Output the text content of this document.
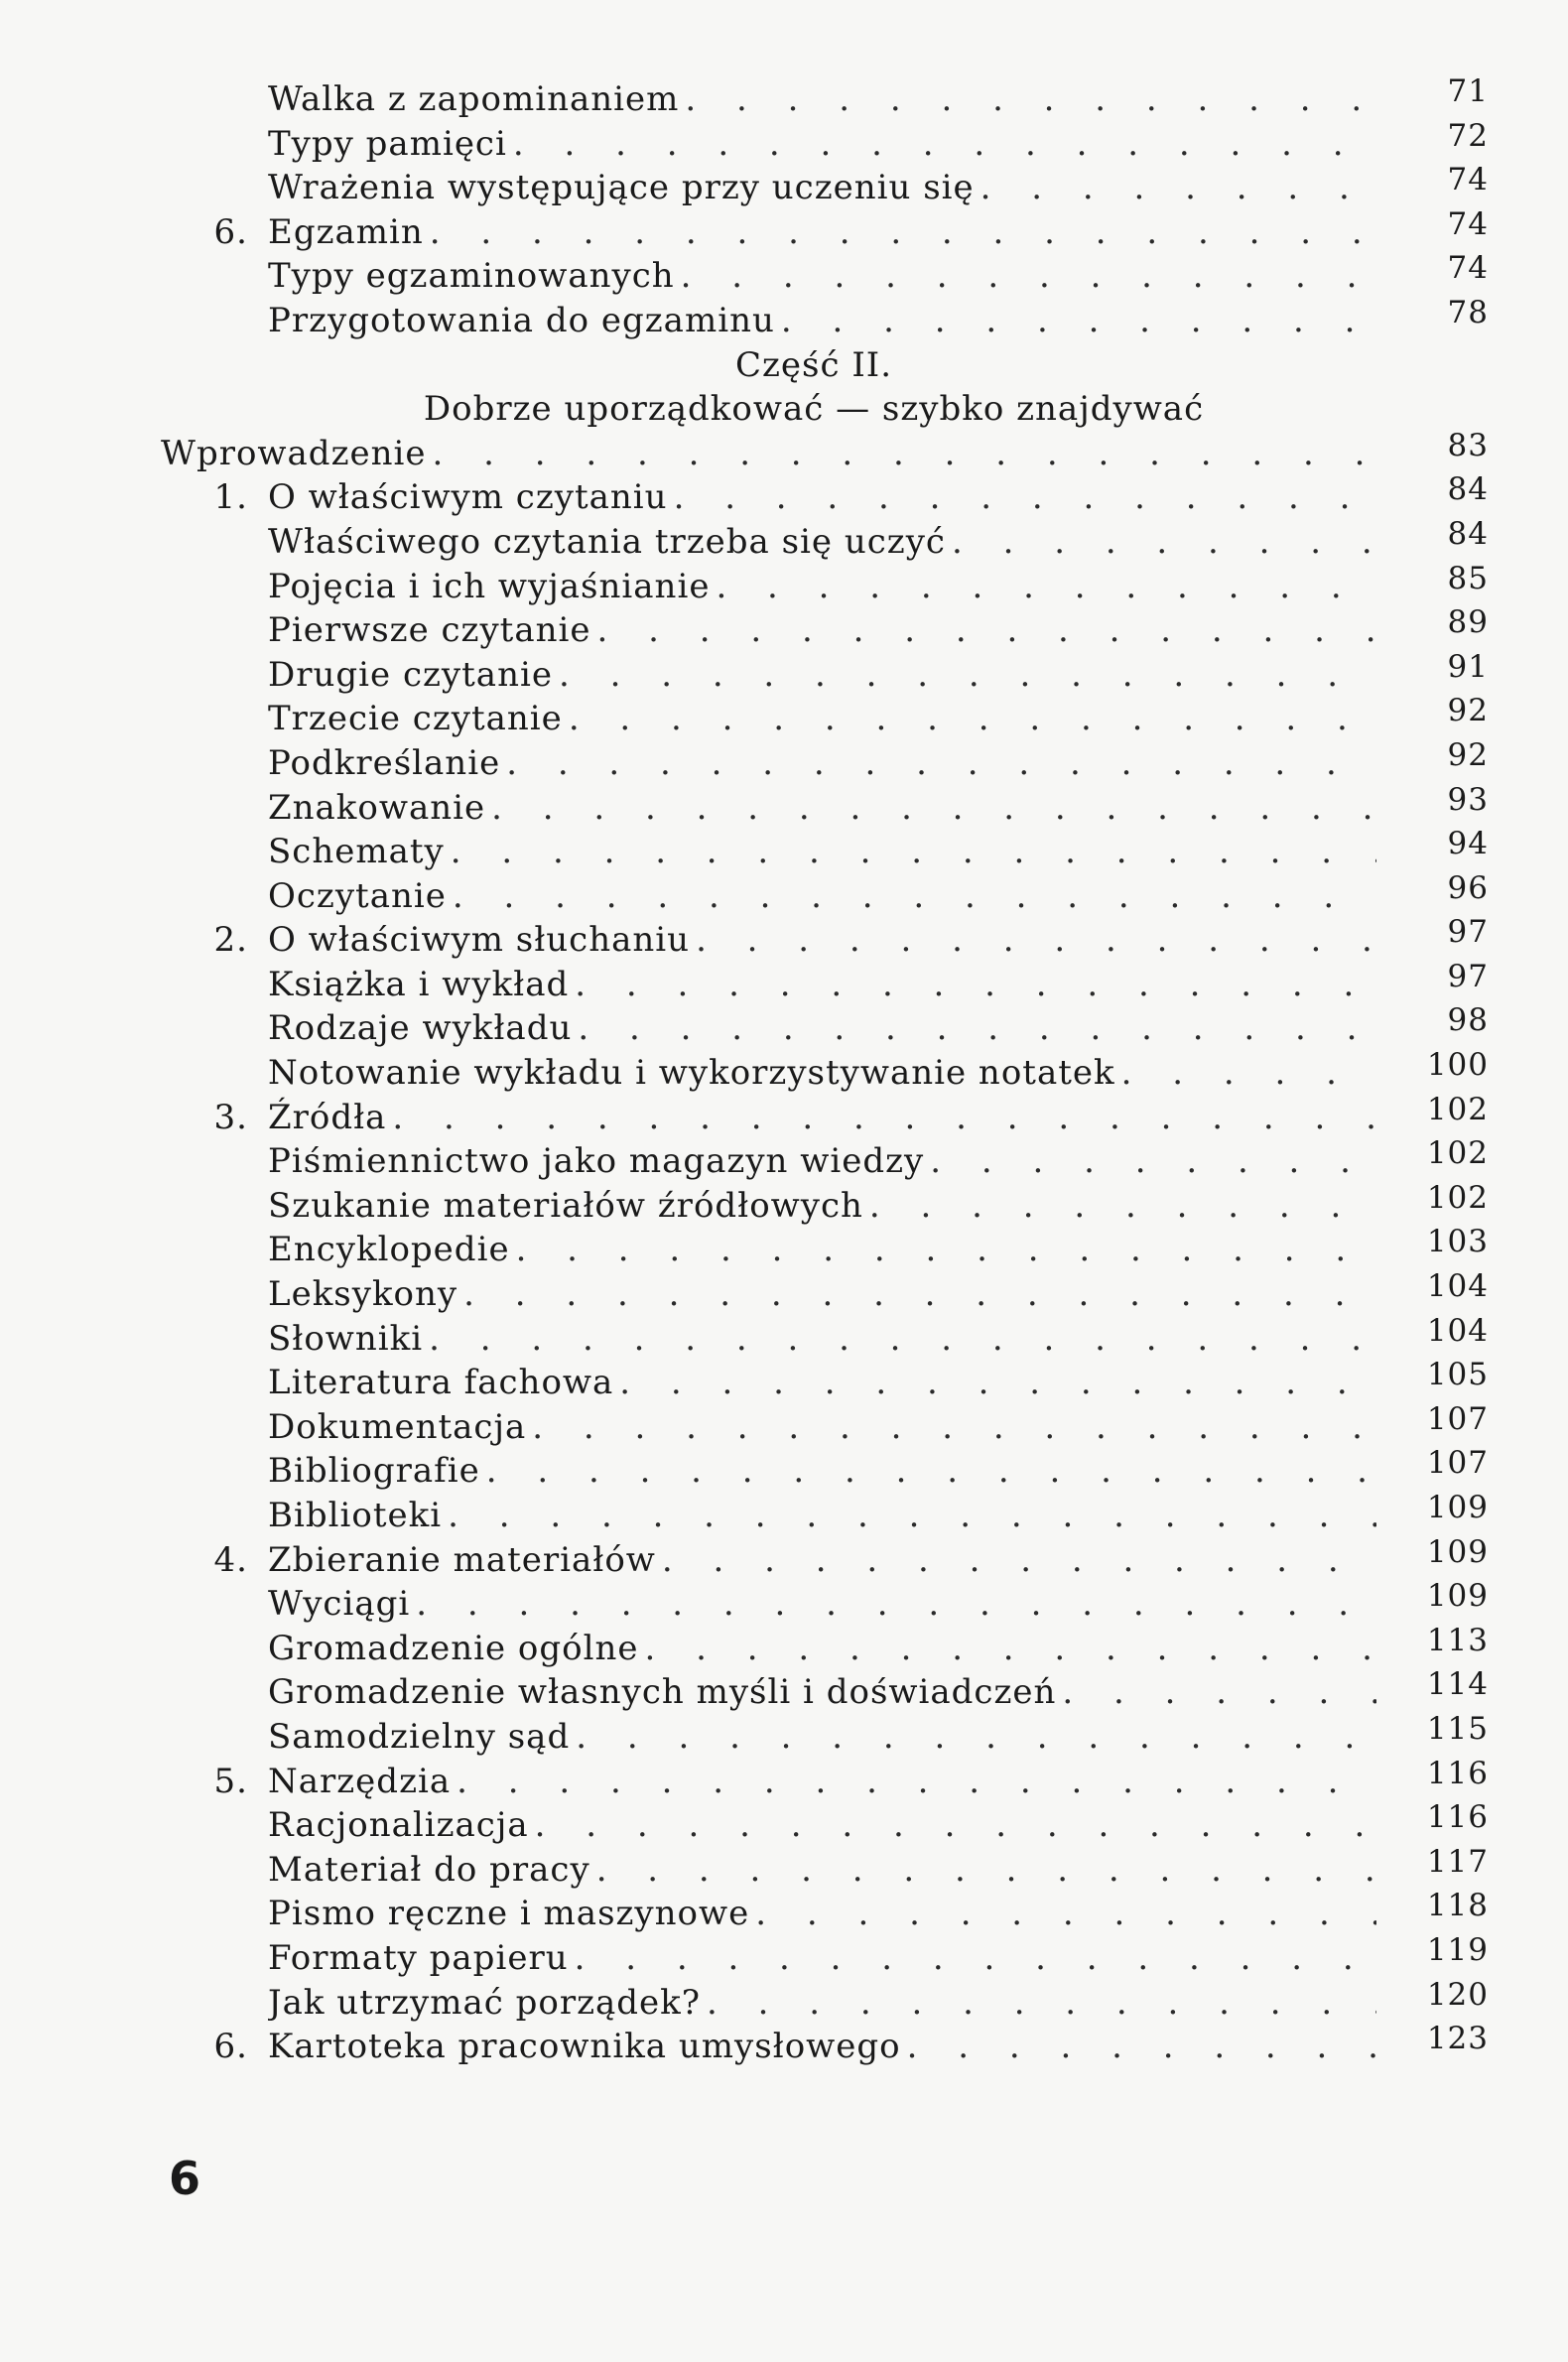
Walka z zapominaniem . . .	71
Typy pamięci . . .	72
Wrażenia występujące przy uczeniu się . . .	74
6. Egzamin . . .	74
Typy egzaminowanych . . .	74
Przygotowania do egzaminu . . .	78
Część II.
Dobrze uporządkować — szybko znajdywać
Wprowadzenie . . .	83
1. O właściwym czytaniu . . .	84
Właściwego czytania trzeba się uczyć . . .	84
Pojęcia i ich wyjaśnianie . . .	85
Pierwsze czytanie . . .	89
Drugie czytanie . . .	91
Trzecie czytanie . . .	92
Podkreślanie . . .	92
Znakowanie . . .	93
Schematy . . .	94
Oczytanie . . .	96
2. O właściwym słuchaniu . . .	97
Książka i wykład . . .	97
Rodzaje wykładu . . .	98
Notowanie wykładu i wykorzystywanie notatek . . .	100
3. Źródła . . .	102
Piśmiennictwo jako magazyn wiedzy . . .	102
Szukanie materiałów źródłowych . . .	102
Encyklopedie . . .	103
Leksykony . . .	104
Słowniki . . .	104
Literatura fachowa . . .	105
Dokumentacja . . .	107
Bibliografie . . .	107
Biblioteki . . .	109
4. Zbieranie materiałów . . .	109
Wyciągi . . .	109
Gromadzenie ogólne . . .	113
Gromadzenie własnych myśli i doświadczeń . . .	114
Samodzielny sąd . . .	115
5. Narzędzia . . .	116
Racjonalizacja . . .	116
Materiał do pracy . . .	117
Pismo ręczne i maszynowe . . .	118
Formaty papieru . . .	119
Jak utrzymać porządek? . . .	120
6. Kartoteka pracownika umysłowego . . .	123
6
